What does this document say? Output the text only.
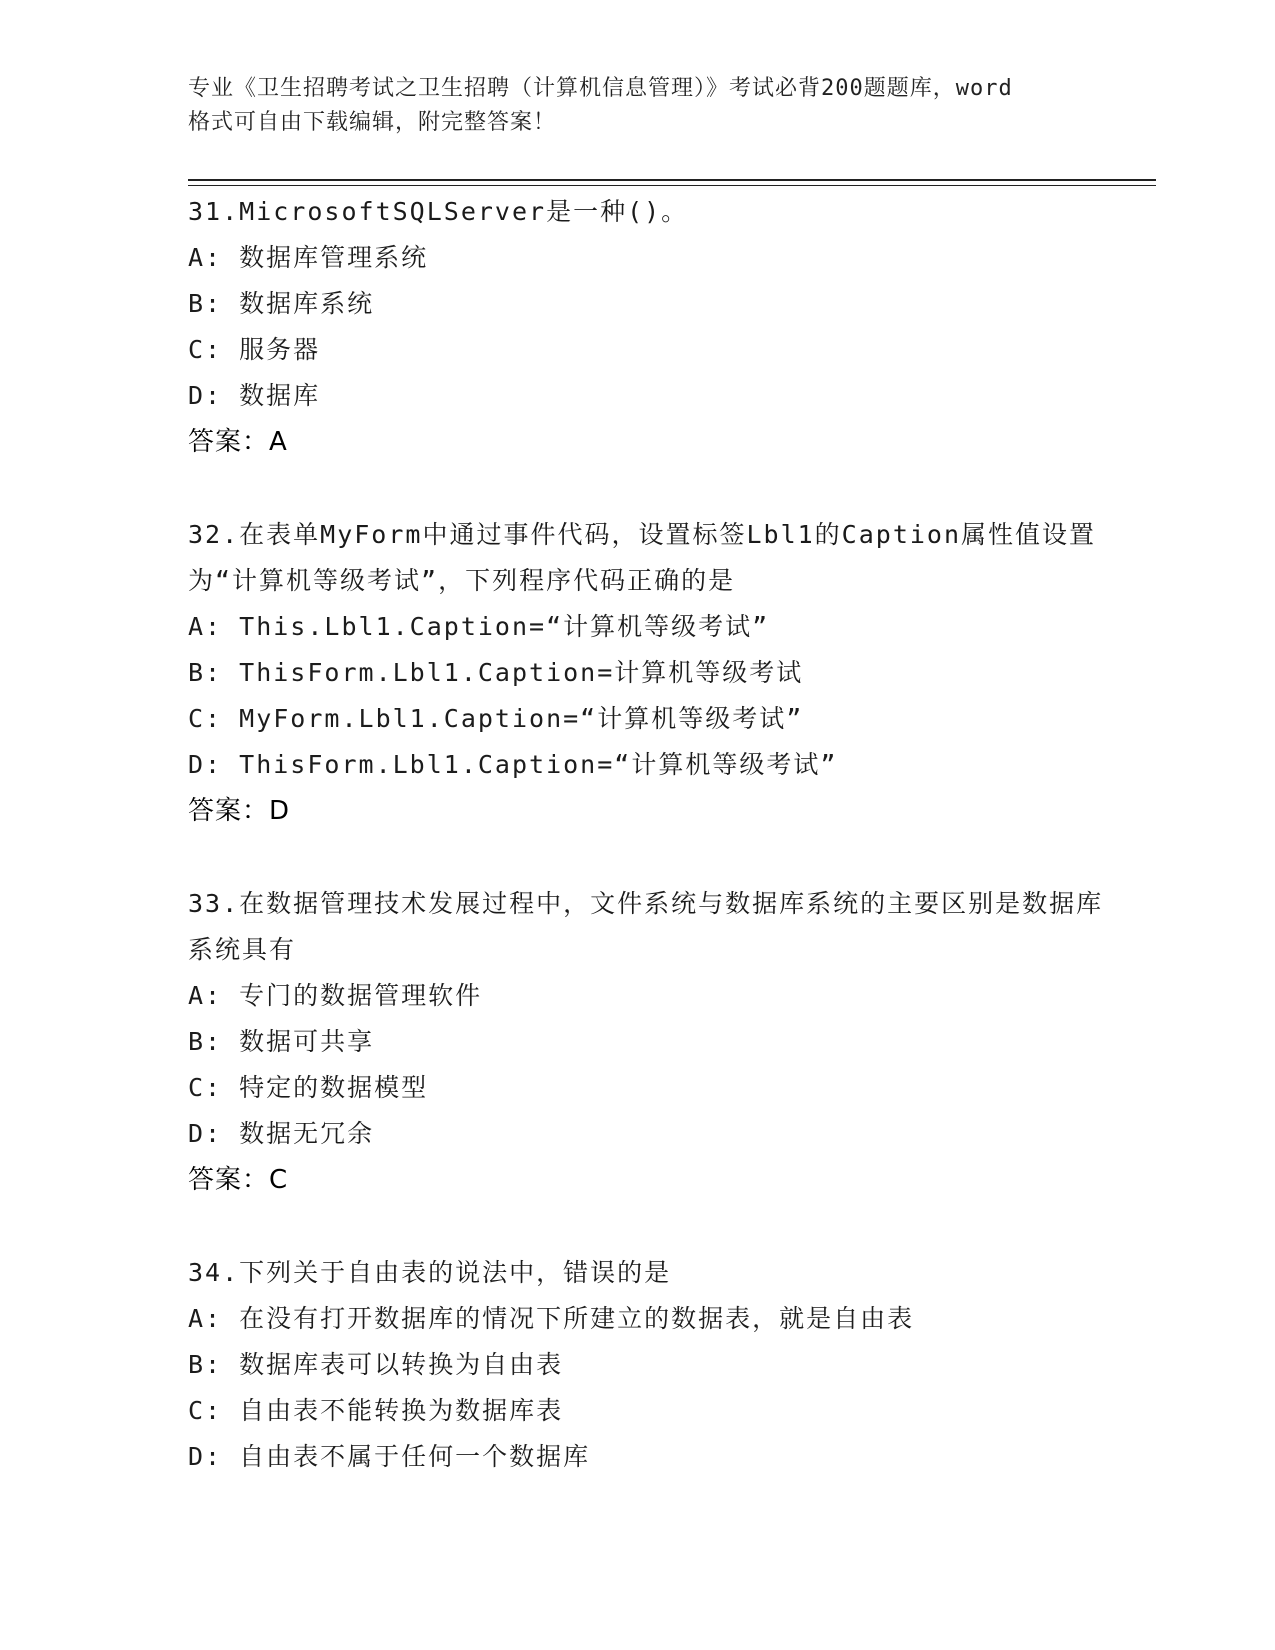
专业《卫生招聘考试之卫生招聘（计算机信息管理）》考试必背200题题库，word
格式可自由下载编辑，附完整答案！
31.MicrosoftSQLServer是一种()。
A: 数据库管理系统
B: 数据库系统
C: 服务器
D: 数据库
答案：A
32.在表单MyForm中通过事件代码，设置标签Lbl1的Caption属性值设置为“计算机等级考试”，下列程序代码正确的是
A: This.Lbl1.Caption=“计算机等级考试”
B: ThisForm.Lbl1.Caption=计算机等级考试
C: MyForm.Lbl1.Caption=“计算机等级考试”
D: ThisForm.Lbl1.Caption=“计算机等级考试”
答案：D
33.在数据管理技术发展过程中，文件系统与数据库系统的主要区别是数据库系统具有
A: 专门的数据管理软件
B: 数据可共享
C: 特定的数据模型
D: 数据无冗余
答案：C
34.下列关于自由表的说法中，错误的是
A: 在没有打开数据库的情况下所建立的数据表，就是自由表
B: 数据库表可以转换为自由表
C: 自由表不能转换为数据库表
D: 自由表不属于任何一个数据库
